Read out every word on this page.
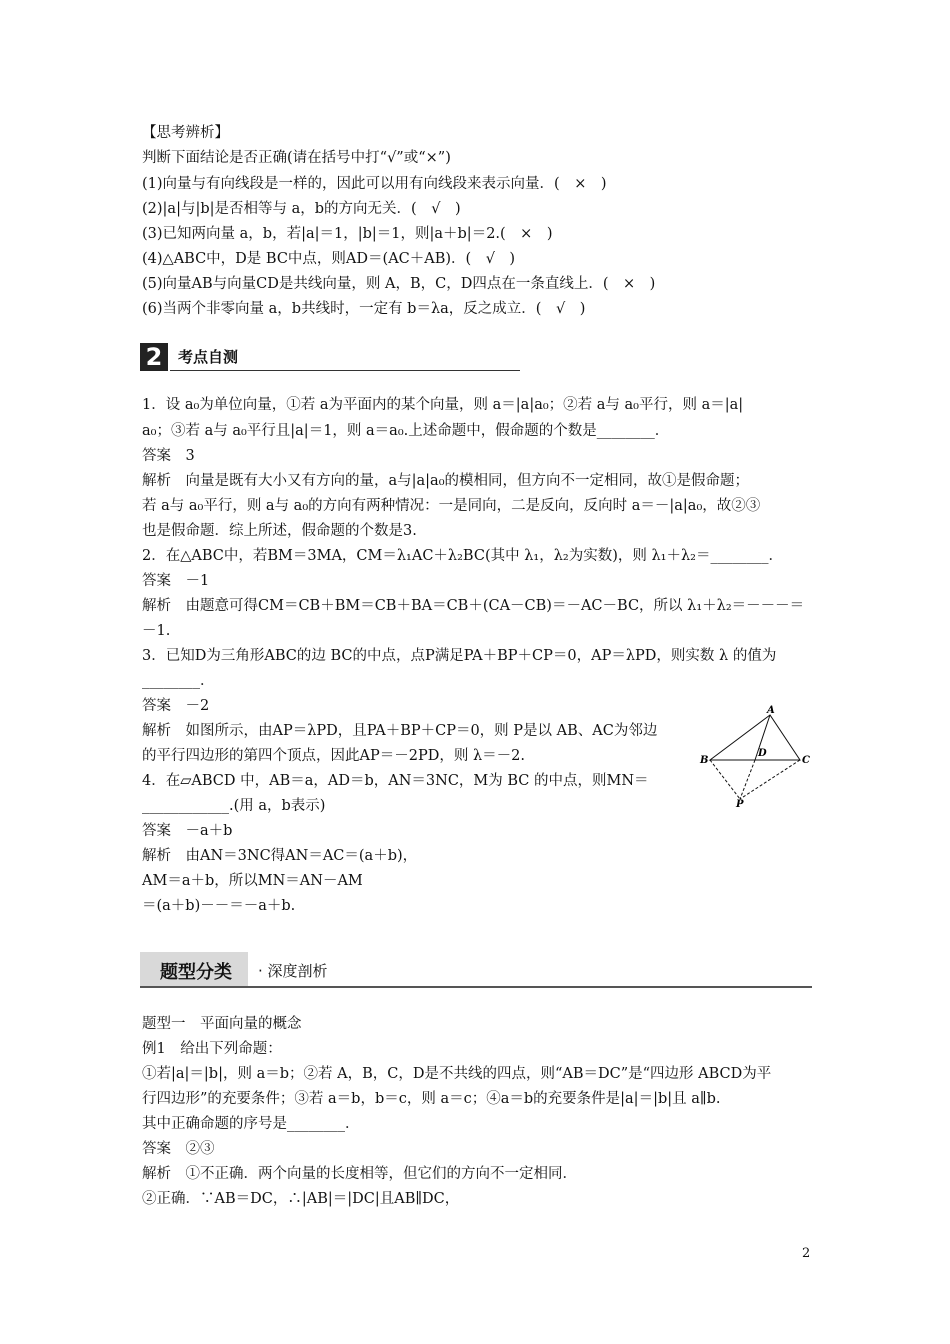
【思考辨析】
判断下面结论是否正确(请在括号中打“√”或“×”)
(1)向量与有向线段是一样的，因此可以用有向线段来表示向量．(　×　)
(2)|a|与|b|是否相等与 a，b的方向无关．(　√　)
(3)已知两向量 a，b，若|a|＝1，|b|＝1，则|a＋b|＝2.(　×　)
(4)△ABC中，D是 BC中点，则AD＝(AC＋AB)．(　√　)
(5)向量AB与向量CD是共线向量，则 A，B，C，D四点在一条直线上．(　×　)
(6)当两个非零向量 a，b共线时，一定有 b＝λa，反之成立．(　√　)
1．设 a₀为单位向量，①若 a为平面内的某个向量，则 a＝|a|a₀；②若 a与 a₀平行，则 a＝|a|
a₀；③若 a与 a₀平行且|a|＝1，则 a＝a₀.上述命题中，假命题的个数是________．
答案　3
解析　向量是既有大小又有方向的量，a与|a|a₀的模相同，但方向不一定相同，故①是假命题；
若 a与 a₀平行，则 a与 a₀的方向有两种情况：一是同向，二是反向，反向时 a＝－|a|a₀，故②③
也是假命题．综上所述，假命题的个数是3.
2．在△ABC中，若BM＝3MA，CM＝λ₁AC＋λ₂BC(其中 λ₁，λ₂为实数)，则 λ₁＋λ₂＝________．
答案　－1
解析　由题意可得CM＝CB＋BM＝CB＋BA＝CB＋(CA－CB)＝－AC－BC，所以 λ₁＋λ₂＝－－－＝
－1.
3．已知D为三角形ABC的边 BC的中点，点P满足PA＋BP＋CP＝0，AP＝λPD，则实数 λ 的值为
________．
答案　－2
解析　如图所示，由AP＝λPD，且PA＋BP＋CP＝0，则 P是以 AB、AC为邻边
的平行四边形的第四个顶点，因此AP＝－2PD，则 λ＝－2.
4．在▱ABCD 中，AB＝a，AD＝b，AN＝3NC，M为 BC 的中点，则MN＝
____________.(用 a，b表示)
答案　－a＋b
解析　由AN＝3NC得AN＝AC＝(a＋b)，
AM＝a＋b，所以MN＝AN－AM
＝(a＋b)－－＝－a＋b.
题型一　平面向量的概念
例1　给出下列命题：
①若|a|＝|b|，则 a＝b；②若 A，B，C，D是不共线的四点，则“AB＝DC”是“四边形 ABCD为平
行四边形”的充要条件；③若 a＝b，b＝c，则 a＝c；④a＝b的充要条件是|a|＝|b|且 a∥b.
其中正确命题的序号是________．
答案　②③
解析　①不正确．两个向量的长度相等，但它们的方向不一定相同．
②正确．∵AB＝DC，∴|AB|＝|DC|且AB∥DC，
2	考点自测
题型分类 · 深度剖析
A
B	C
D
P
2
